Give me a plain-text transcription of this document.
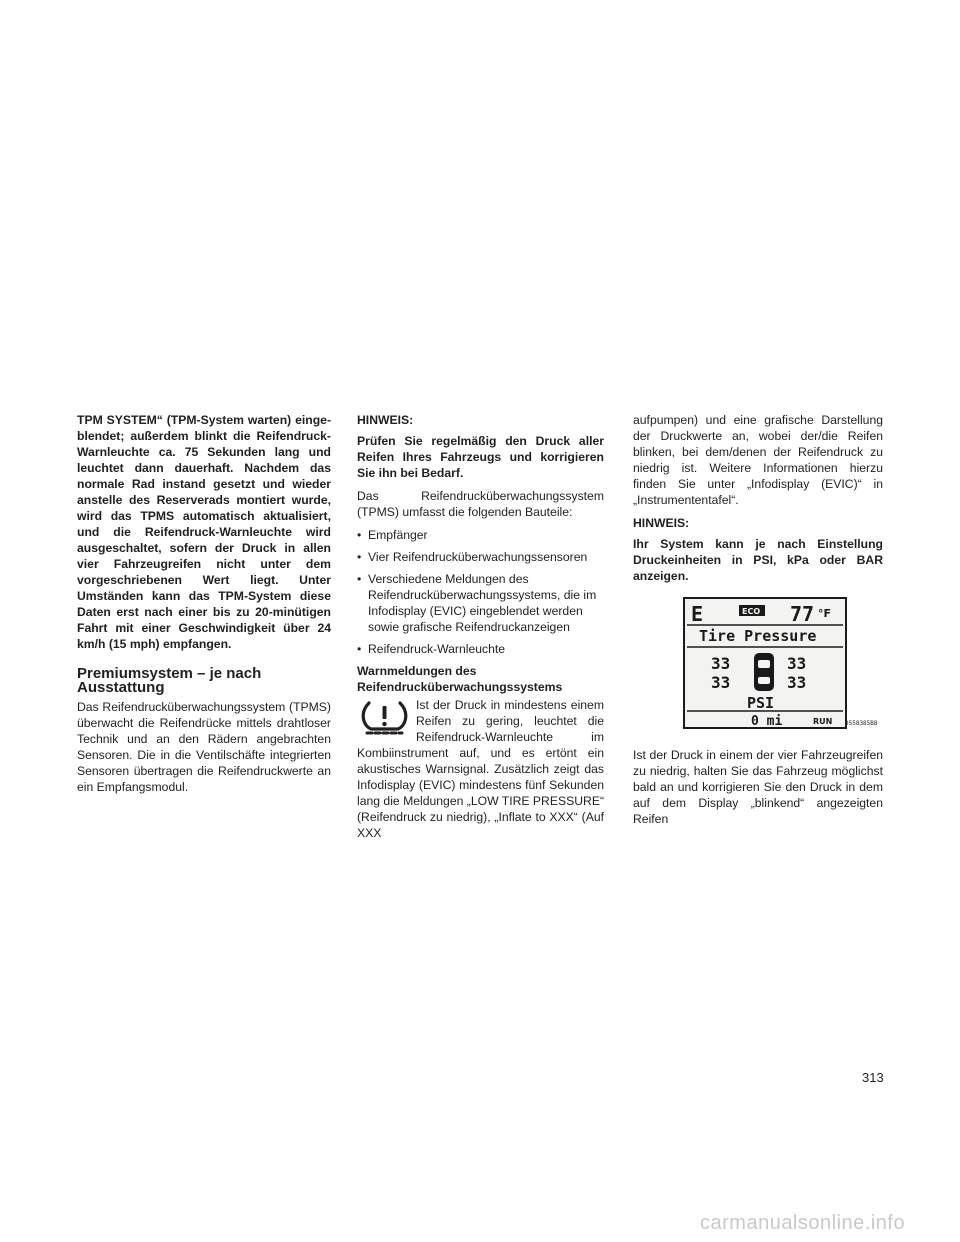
TPM SYSTEM“ (TPM-System warten) eingeblendet; außerdem blinkt die Reifendruck-Warnleuchte ca. 75 Sekunden lang und leuchtet dann dauerhaft. Nachdem das normale Rad instand gesetzt und wieder anstelle des Reserverads montiert wurde, wird das TPMS automatisch aktualisiert, und die Reifendruck-Warnleuchte wird ausgeschaltet, sofern der Druck in allen vier Fahrzeugreifen nicht unter dem vorgeschriebenen Wert liegt. Unter Umständen kann das TPM-System diese Daten erst nach einer bis zu 20-minütigen Fahrt mit einer Geschwindigkeit über 24 km/h (15 mph) empfangen.

Premiumsystem – je nach
Ausstattung

Das Reifendrucküberwachungssystem (TPMS) überwacht die Reifendrücke mittels drahtloser Technik und an den Rädern angebrachten Sensoren. Die in die Ventilschäfte integrierten Sensoren übertragen die Reifendruckwerte an ein Empfangsmodul.

HINWEIS:

Prüfen Sie regelmäßig den Druck aller Reifen Ihres Fahrzeugs und korrigieren Sie ihn bei Bedarf.

Das Reifendrucküberwachungssystem (TPMS) umfasst die folgenden Bauteile:

• Empfänger
• Vier Reifendrucküberwachungssensoren
• Verschiedene Meldungen des Reifendrucküberwachungssystems, die im Infodisplay (EVIC) eingeblendet werden sowie grafische Reifendruckanzeigen
• Reifendruck-Warnleuchte
Warnmeldungen des
Reifendrucküberwachungssystems

Ist der Druck in mindestens einem Reifen zu gering, leuchtet die Reifendruck-Warnleuchte im Kombiinstrument auf, und es ertönt ein akustisches Warnsignal. Zusätzlich zeigt das Infodisplay (EVIC) mindestens fünf Sekunden lang die Meldungen „LOW TIRE PRESSURE“ (Reifendruck zu niedrig), „Inflate to XXX“ (Auf XXX

aufpumpen) und eine grafische Darstellung der Druckwerte an, wobei der/die Reifen blinken, bei dem/denen der Reifendruck zu niedrig ist. Weitere Informationen hierzu finden Sie unter „Infodisplay (EVIC)“ in „Instrumententafel“.

HINWEIS:

Ihr System kann je nach Einstellung Druckeinheiten in PSI, kPa oder BAR anzeigen.

E	ECO 77 °F
Tire Pressure
33	33
33	33
PSI
0 mi	RUN 0558385B8

Ist der Druck in einem der vier Fahrzeugreifen zu niedrig, halten Sie das Fahrzeug möglichst bald an und korrigieren Sie den Druck in dem auf dem Display „blinkend“ angezeigten Reifen

313
carmanualsonline.info
